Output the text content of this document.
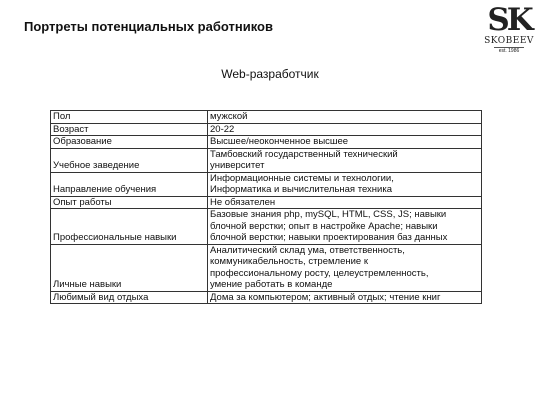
Портреты потенциальных работников	SK
SKOBEEV
est. 1986
Web-разработчик
Пол	мужской

Возраст	20-22

Образование	Высшее/неоконченное высшее

Учебное заведение	Тамбовский государственный технический
университет

Направление обучения	Информационные системы и технологии,
Информатика и вычислительная техника

Опыт работы	Не обязателен

Профессиональные навыки	Базовые знания php, mySQL, HTML, CSS, JS; навыки
блочной верстки; опыт в настройке Apache; навыки
блочной верстки; навыки проектирования баз данных

Личные навыки	Аналитический склад ума, ответственность,
коммуникабельность, стремление к
профессиональному росту, целеустремленность,
умение работать в команде

Любимый вид отдыха	Дома за компьютером; активный отдых; чтение книг
